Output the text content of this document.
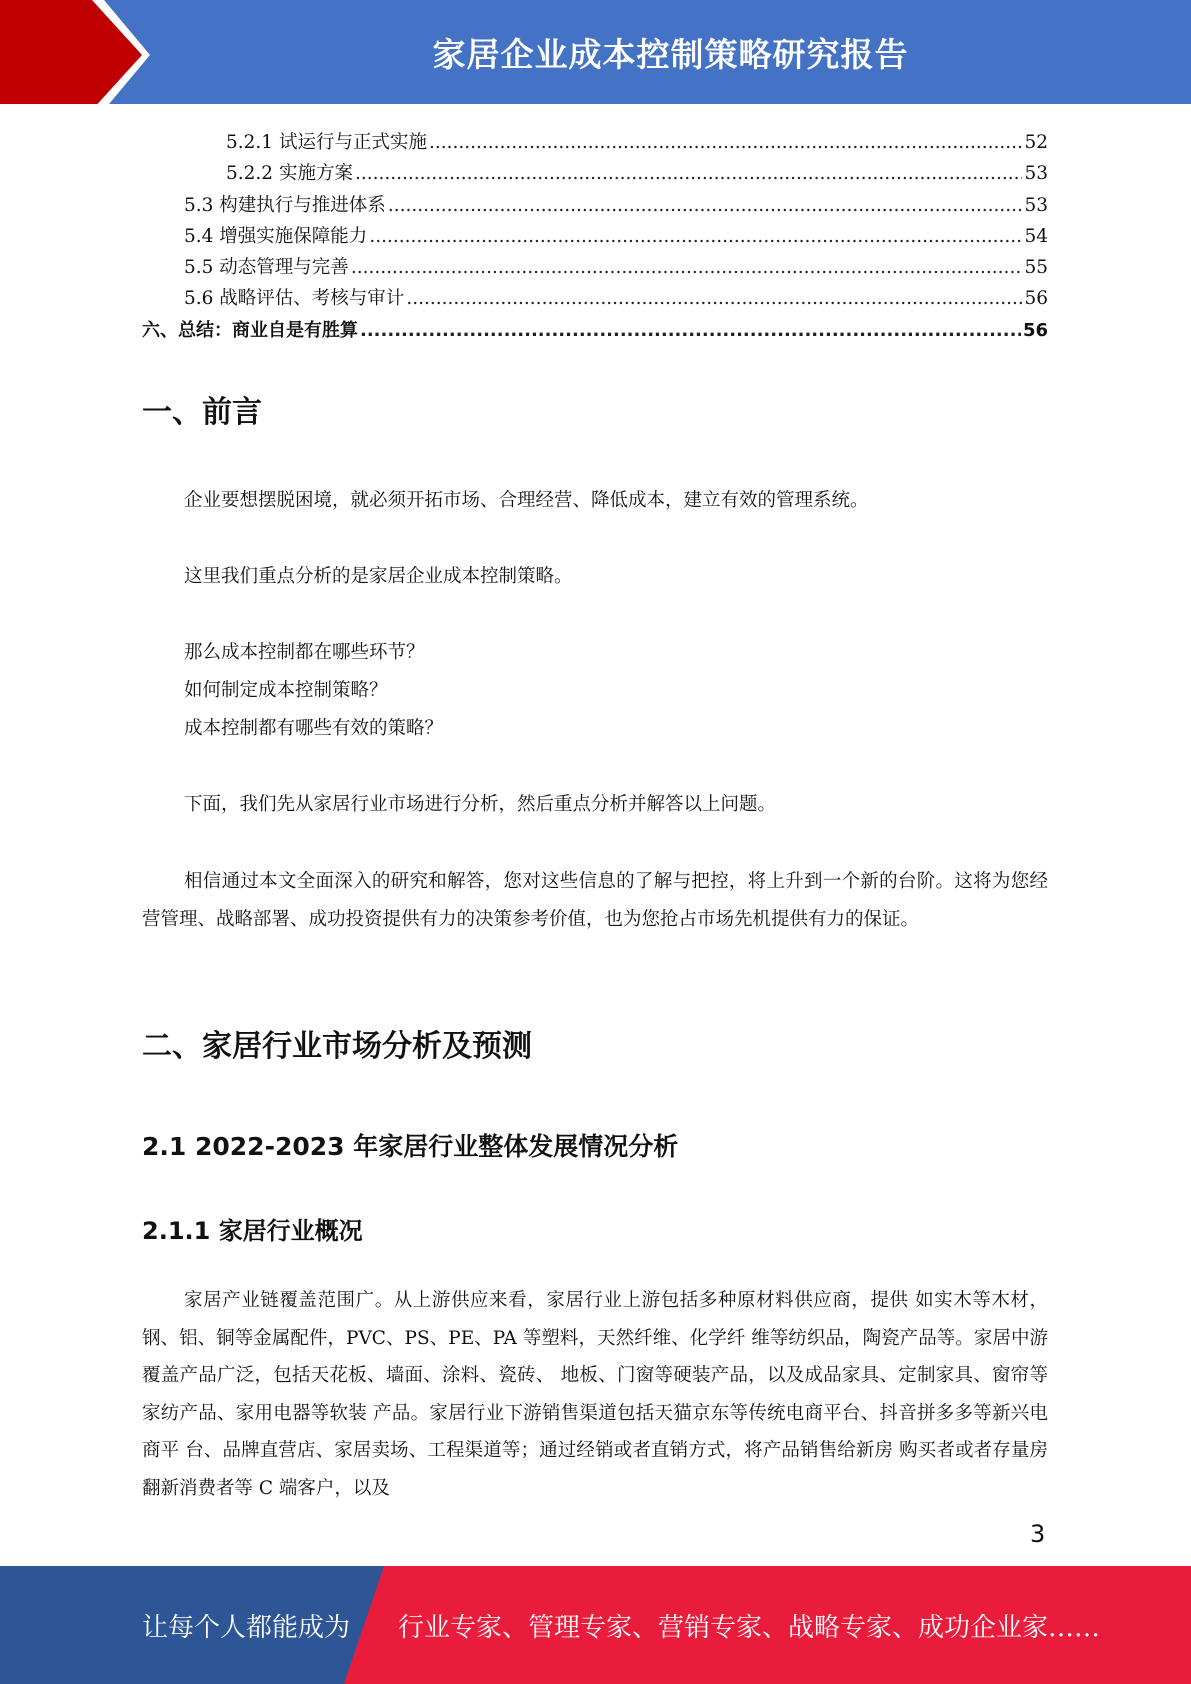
家居企业成本控制策略研究报告
5.2.1 试运行与正式实施 .....	52
5.2.2 实施方案 .....	53
5.3 构建执行与推进体系 .....	53
5.4 增强实施保障能力 .....	54
5.5 动态管理与完善 .....	55
5.6 战略评估、考核与审计 .....	56
六、总结：商业自是有胜算 .....	56
一、前言
企业要想摆脱困境，就必须开拓市场、合理经营、降低成本，建立有效的管理系统。
这里我们重点分析的是家居企业成本控制策略。
那么成本控制都在哪些环节？
如何制定成本控制策略？
成本控制都有哪些有效的策略？
下面，我们先从家居行业市场进行分析，然后重点分析并解答以上问题。
相信通过本文全面深入的研究和解答，您对这些信息的了解与把控，将上升到一个新的台阶。这将为您经营管理、战略部署、成功投资提供有力的决策参考价值，也为您抢占市场先机提供有力的保证。
二、家居行业市场分析及预测
2.1 2022-2023 年家居行业整体发展情况分析
2.1.1 家居行业概况
家居产业链覆盖范围广。从上游供应来看，家居行业上游包括多种原材料供应商，提供 如实木等木材，钢、铝、铜等金属配件，PVC、PS、PE、PA 等塑料，天然纤维、化学纤 维等纺织品，陶瓷产品等。家居中游覆盖产品广泛，包括天花板、墙面、涂料、瓷砖、 地板、门窗等硬装产品，以及成品家具、定制家具、窗帘等家纺产品、家用电器等软装 产品。家居行业下游销售渠道包括天猫京东等传统电商平台、抖音拼多多等新兴电商平 台、品牌直营店、家居卖场、工程渠道等；通过经销或者直销方式，将产品销售给新房 购买者或者存量房翻新消费者等 C 端客户，以及
3
让每个人都能成为 行业专家、管理专家、营销专家、战略专家、成功企业家……
